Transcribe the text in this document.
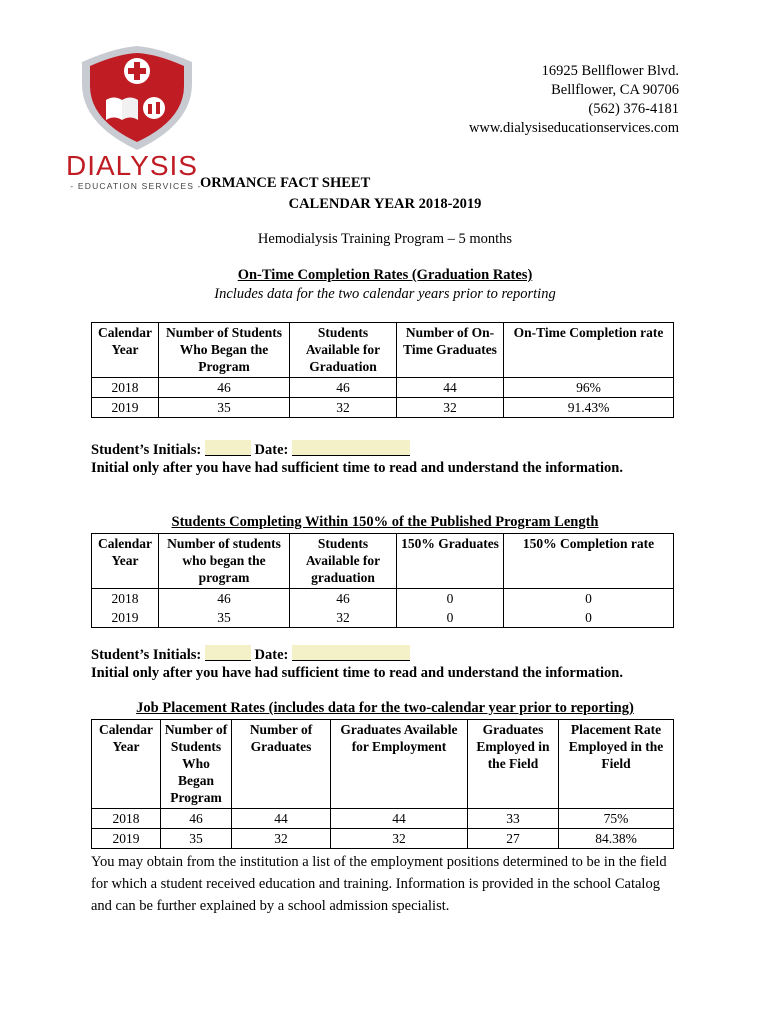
DIALYSIS
- EDUCATION SERVICES -
16925 Bellflower Blvd.
Bellflower, CA 90706
(562) 376-4181
www.dialysiseducationservices.com
ORMANCE FACT SHEET
CALENDAR YEAR 2018-2019
Hemodialysis Training Program – 5 months
On-Time Completion Rates (Graduation Rates)
Includes data for the two calendar years prior to reporting
Calendar Year	Number of Students Who Began the Program	Students Available for Graduation	Number of On-Time Graduates	On-Time Completion rate
2018	46	46	44	96%
2019	35	32	32	91.43%
Student’s Initials:	Date:
Initial only after you have had sufficient time to read and understand the information.
Students Completing Within 150% of the Published Program Length
Calendar Year	Number of students who began the program	Students Available for graduation	150% Graduates	150% Completion rate
2018	46	46	0	0
2019	35	32	0	0
Student’s Initials:	Date:
Initial only after you have had sufficient time to read and understand the information.
Job Placement Rates (includes data for the two-calendar year prior to reporting)
Calendar Year	Number of Students Who Began Program	Number of Graduates	Graduates Available for Employment	Graduates Employed in the Field	Placement Rate Employed in the Field
2018	46	44	44	33	75%
2019	35	32	32	27	84.38%
You may obtain from the institution a list of the employment positions determined to be in the field for which a student received education and training. Information is provided in the school Catalog and can be further explained by a school admission specialist.
